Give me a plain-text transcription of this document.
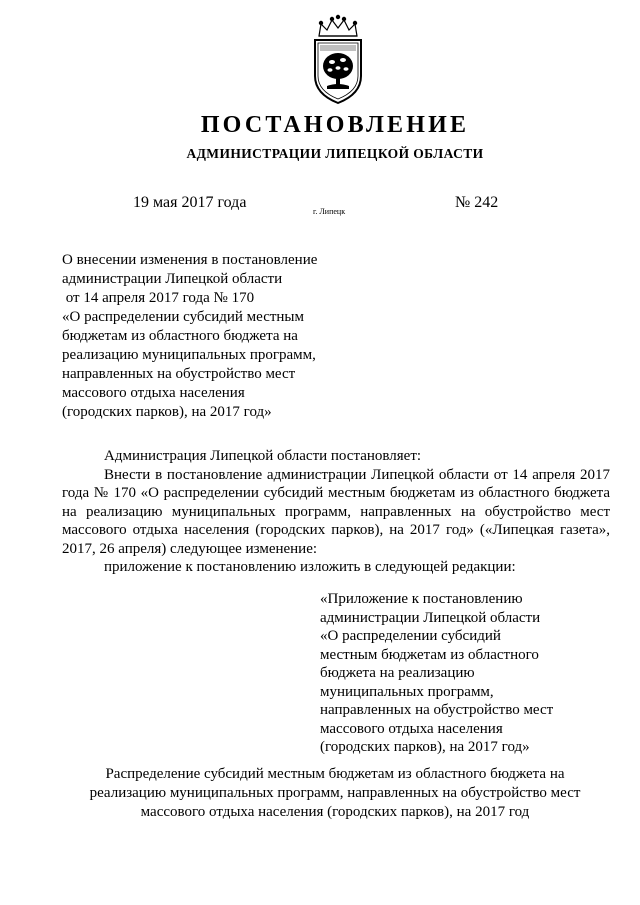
ПОСТАНОВЛЕНИЕ
АДМИНИСТРАЦИИ ЛИПЕЦКОЙ ОБЛАСТИ
19 мая 2017 года
г. Липецк
№ 242
О внесении изменения в постановление
администрации Липецкой области
от 14 апреля 2017 года № 170
«О распределении субсидий местным
бюджетам из областного бюджета на
реализацию муниципальных программ,
направленных на обустройство мест
массового отдыха населения
(городских парков), на 2017 год»

Администрация Липецкой области постановляет:

Внести в постановление администрации Липецкой области от 14 апреля 2017 года № 170 «О распределении субсидий местным бюджетам из областного бюджета на реализацию муниципальных программ, направленных на обустройство мест массового отдыха населения (городских парков), на 2017 год» («Липецкая газета», 2017, 26 апреля) следующее изменение:

приложение к постановлению изложить в следующей редакции:

«Приложение к постановлению
администрации Липецкой области
«О распределении субсидий
местным бюджетам из областного
бюджета на реализацию
муниципальных программ,
направленных на обустройство мест
массового отдыха населения
(городских парков), на 2017 год»
Распределение субсидий местным бюджетам из областного бюджета на
реализацию муниципальных программ, направленных на обустройство мест
массового отдыха населения (городских парков), на 2017 год
